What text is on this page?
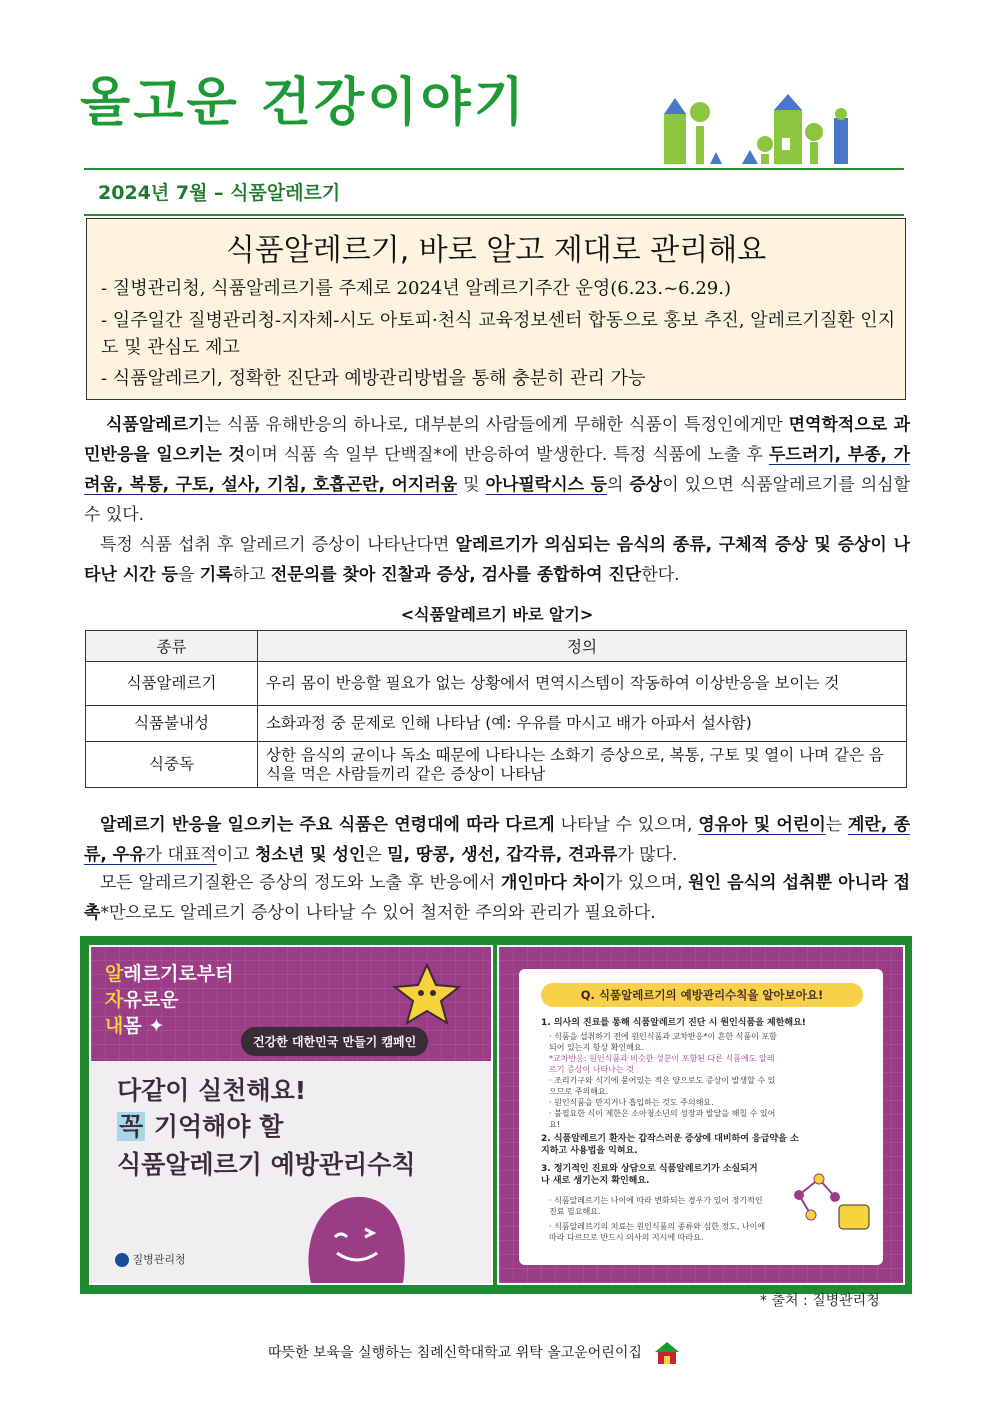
올고운 건강이야기
2024년 7월 – 식품알레르기
식품알레르기, 바로 알고 제대로 관리해요
- 질병관리청, 식품알레르기를 주제로 2024년 알레르기주간 운영(6.23.~6.29.)
- 일주일간 질병관리청-지자체-시도 아토피·천식 교육정보센터 합동으로 홍보 추진, 알레르기질환 인지도 및 관심도 제고
- 식품알레르기, 정확한 진단과 예방관리방법을 통해 충분히 관리 가능
식품알레르기는 식품 유해반응의 하나로, 대부분의 사람들에게 무해한 식품이 특정인에게만 면역학적으로 과민반응을 일으키는 것이며 식품 속 일부 단백질*에 반응하여 발생한다. 특정 식품에 노출 후 두드러기, 부종, 가려움, 복통, 구토, 설사, 기침, 호흡곤란, 어지러움 및 아나필락시스 등의 증상이 있으면 식품알레르기를 의심할 수 있다.
특정 식품 섭취 후 알레르기 증상이 나타난다면 알레르기가 의심되는 음식의 종류, 구체적 증상 및 증상이 나타난 시간 등을 기록하고 전문의를 찾아 진찰과 증상, 검사를 종합하여 진단한다.
<식품알레르기 바로 알기>
종류	정의
식품알레르기	우리 몸이 반응할 필요가 없는 상황에서 면역시스템이 작동하여 이상반응을 보이는 것
식품불내성	소화과정 중 문제로 인해 나타남 (예: 우유를 마시고 배가 아파서 설사함)
식중독	상한 음식의 균이나 독소 때문에 나타나는 소화기 증상으로, 복통, 구토 및 열이 나며 같은 음식을 먹은 사람들끼리 같은 증상이 나타남
알레르기 반응을 일으키는 주요 식품은 연령대에 따라 다르게 나타날 수 있으며, 영유아 및 어린이는 계란, 종류, 우유가 대표적이고 청소년 및 성인은 밀, 땅콩, 생선, 갑각류, 견과류가 많다.
모든 알레르기질환은 증상의 정도와 노출 후 반응에서 개인마다 차이가 있으며, 원인 음식의 섭취뿐 아니라 접촉*만으로도 알레르기 증상이 나타날 수 있어 철저한 주의와 관리가 필요하다.
알레르기로부터
자유로운
내몸 ✦
건강한 대한민국 만들기 캠페인
다같이 실천해요!
꼭 기억해야 할
식품알레르기 예방관리수칙
질병관리청
Q. 식품알레르기의 예방관리수칙을 알아보아요!
1. 의사의 진료를 통해 식품알레르기 진단 시 원인식품을 제한해요!
· 식품을 섭취하기 전에 원인식품과 교차반응*이 흔한 식품이 포함되어 있는지 항상 확인해요.
*교차반응: 원인식품과 비슷한 성분이 포함된 다른 식품에도 알레르기 증상이 나타나는 것
· 조리기구와 식기에 묻어있는 적은 양으로도 증상이 발생할 수 있으므로 주의해요.
· 원인식품을 만지거나 흡입하는 것도 주의해요.
· 불필요한 식이 제한은 소아청소년의 성장과 발달을 해칠 수 있어요!
2. 식품알레르기 환자는 갑작스러운 증상에 대비하여 응급약을 소지하고 사용법을 익혀요.
3. 정기적인 진료와 상담으로 식품알레르기가 소실되거나 새로 생기는지 확인해요.
· 식품알레르기는 나이에 따라 변화되는 경우가 있어 정기적인 진료 필요해요.
· 식품알레르기의 치료는 원인식품의 종류와 심한 정도, 나이에 따라 다르므로 반드시 의사의 지시에 따라요.
* 출처 : 질병관리청
따뜻한 보육을 실행하는 침례신학대학교 위탁 올고운어린이집
